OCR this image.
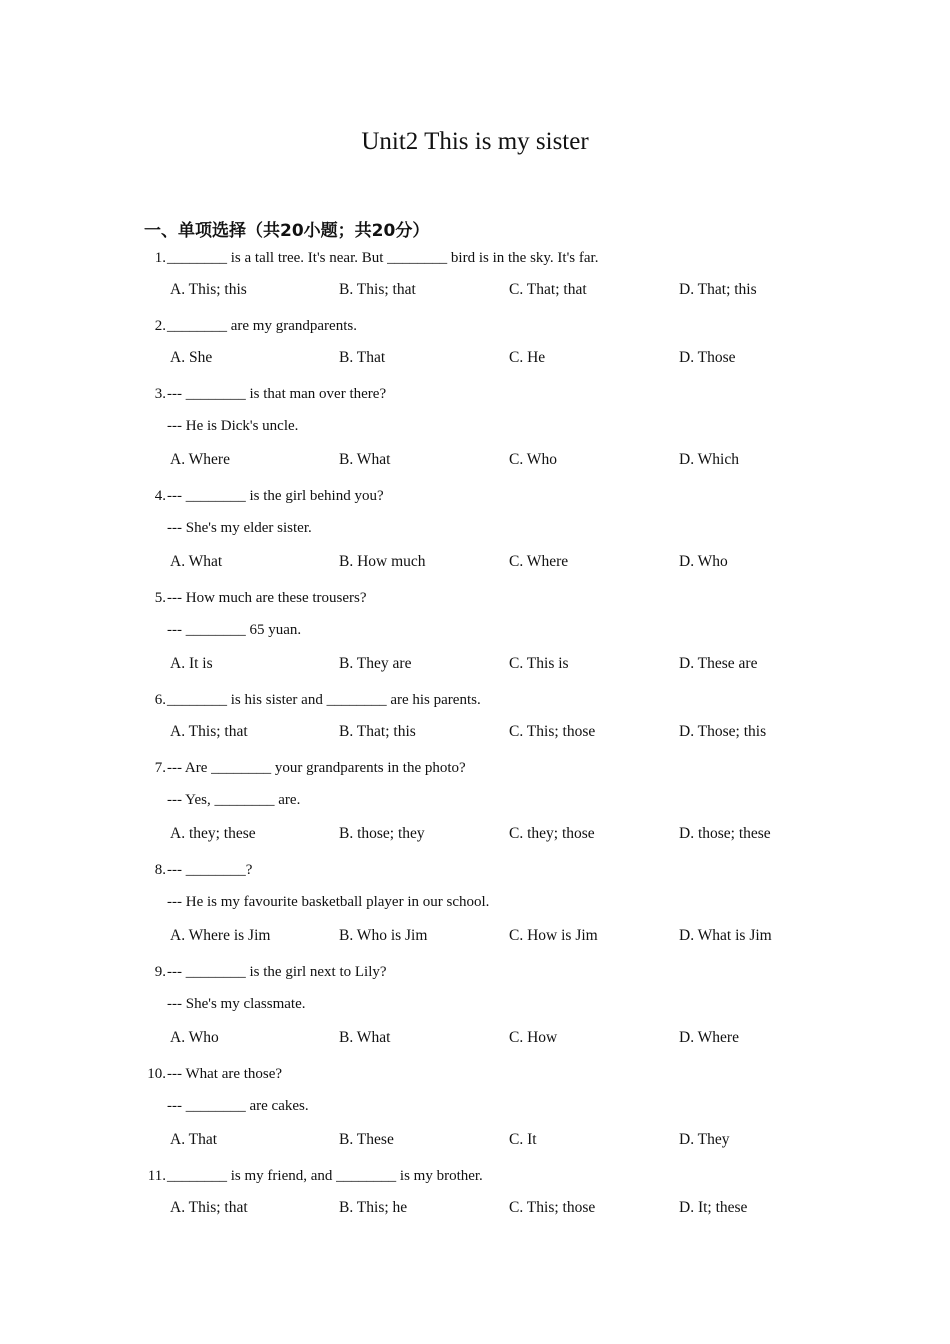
Unit2 This is my sister
一、单项选择（共20小题；共20分）
1. ________ is a tall tree. It's near. But ________ bird is in the sky. It's far.
A. This; this	B. This; that	C. That; that	D. That; this
2. ________ are my grandparents.
A. She	B. That	C. He	D. Those
3. --- ________ is that man over there?
--- He is Dick's uncle.
A. Where	B. What	C. Who	D. Which
4. --- ________ is the girl behind you?
--- She's my elder sister.
A. What	B. How much	C. Where	D. Who
5. --- How much are these trousers?
--- ________ 65 yuan.
A. It is	B. They are	C. This is	D. These are
6. ________ is his sister and ________ are his parents.
A. This; that	B. That; this	C. This; those	D. Those; this
7. --- Are ________ your grandparents in the photo?
--- Yes, ________ are.
A. they; these	B. those; they	C. they; those	D. those; these
8. --- ________?
--- He is my favourite basketball player in our school.
A. Where is Jim	B. Who is Jim	C. How is Jim	D. What is Jim
9. --- ________ is the girl next to Lily?
--- She's my classmate.
A. Who	B. What	C. How	D. Where
10. --- What are those?
--- ________ are cakes.
A. That	B. These	C. It	D. They
11. ________ is my friend, and ________ is my brother.
A. This; that	B. This; he	C. This; those	D. It; these
